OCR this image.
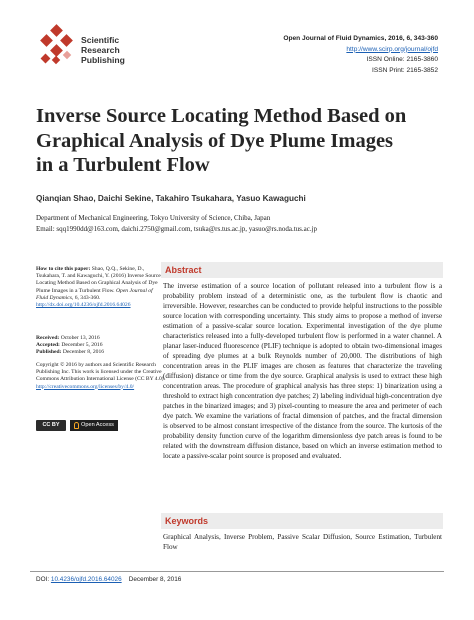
Scientific
Research
Publishing
Open Journal of Fluid Dynamics, 2016, 6, 343-360
http://www.scirp.org/journal/ojfd
ISSN Online: 2165-3860
ISSN Print: 2165-3852
Inverse Source Locating Method Based on
Graphical Analysis of Dye Plume Images
in a Turbulent Flow
Qianqian Shao, Daichi Sekine, Takahiro Tsukahara, Yasuo Kawaguchi
Department of Mechanical Engineering, Tokyo University of Science, Chiba, Japan
Email: sqq1990dd@163.com, daichi.2750@gmail.com, tsuka@rs.tus.ac.jp, yasuo@rs.noda.tus.ac.jp
How to cite this paper: Shao, Q.Q., Sekine, D., Tsukahara, T. and Kawaguchi, Y. (2016) Inverse Source Locating Method Based on Graphical Analysis of Dye Plume Images in a Turbulent Flow. Open Journal of Fluid Dynamics, 6, 343-360.
http://dx.doi.org/10.4236/ojfd.2016.64026
Received: October 13, 2016
Accepted: December 5, 2016
Published: December 8, 2016
Copyright © 2016 by authors and Scientific Research Publishing Inc. This work is licensed under the Creative Commons Attribution International License (CC BY 4.0).
http://creativecommons.org/licenses/by/4.0/
CC BY	Open Access
Abstract
The inverse estimation of a source location of pollutant released into a turbulent flow is a probability problem instead of a deterministic one, as the turbulent flow is chaotic and irreversible. However, researches can be conducted to provide helpful instructions to the possible source location with corresponding uncertainty. This study aims to propose a method of inverse estimation of a passive-scalar source location. Experimental investigation of the dye plume characteristics released into a fully-developed turbulent flow is performed in a water channel. A planar laser-induced fluorescence (PLIF) technique is adopted to obtain two-dimensional images of spreading dye plumes at a bulk Reynolds number of 20,000. The distributions of high concentration areas in the PLIF images are chosen as features that characterize the traveling (diffusion) distance or time from the dye source. Graphical analysis is used to extract these high concentration areas. The procedure of graphical analysis has three steps: 1) binarization using a threshold to extract high concentration dye patches; 2) labeling individual high-concentration dye patches in the binarized images; and 3) pixel-counting to measure the area and perimeter of each dye patch. We examine the variations of fractal dimension of patches, and the fractal dimension is observed to be almost constant irrespective of the distance from the source. The kurtosis of the probability density function curve of the logarithm dimensionless dye patch areas is found to be related with the downstream diffusion distance, based on which an inverse estimation method to locate a passive-scalar point source is proposed and evaluated.
Keywords
Graphical Analysis, Inverse Problem, Passive Scalar Diffusion, Source Estimation, Turbulent Flow
DOI: 10.4236/ojfd.2016.64026 December 8, 2016
